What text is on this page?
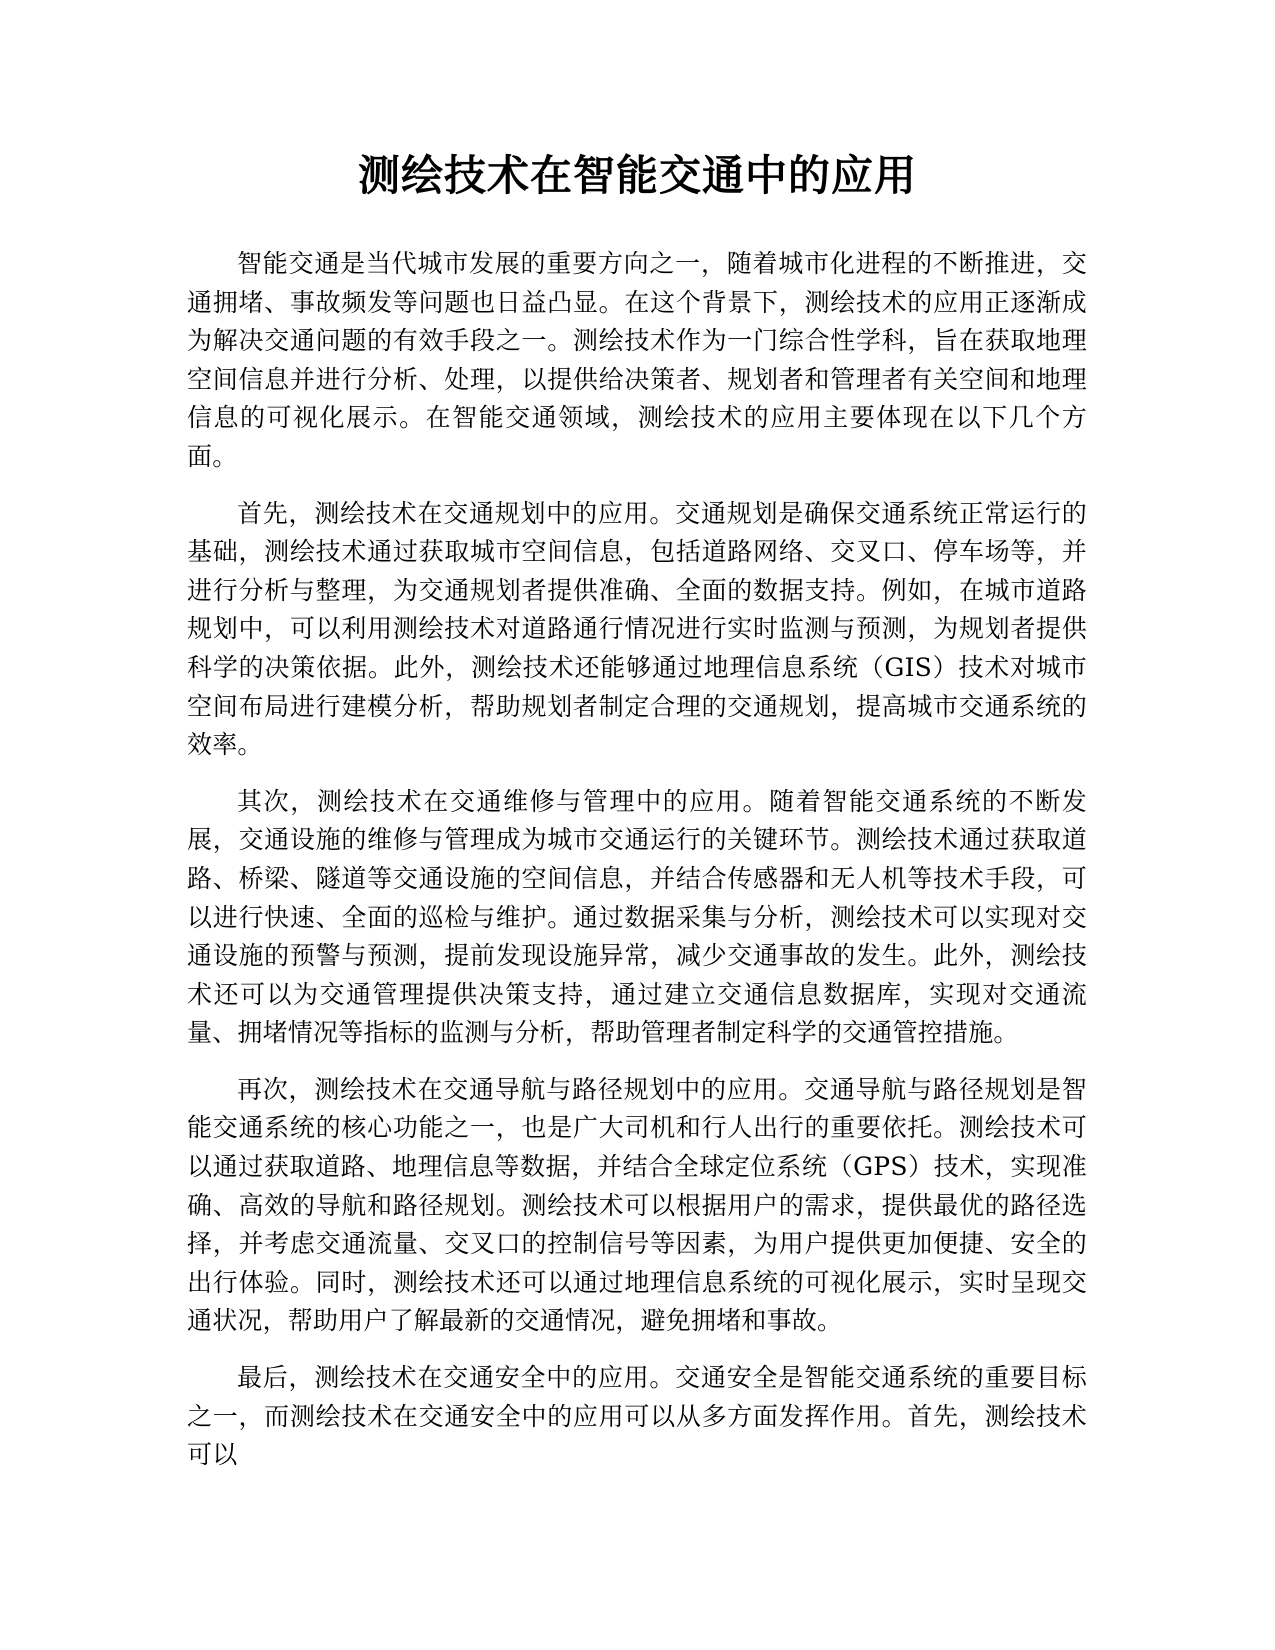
测绘技术在智能交通中的应用

智能交通是当代城市发展的重要方向之一，随着城市化进程的不断推进，交通拥堵、事故频发等问题也日益凸显。在这个背景下，测绘技术的应用正逐渐成为解决交通问题的有效手段之一。测绘技术作为一门综合性学科，旨在获取地理空间信息并进行分析、处理，以提供给决策者、规划者和管理者有关空间和地理信息的可视化展示。在智能交通领域，测绘技术的应用主要体现在以下几个方面。

首先，测绘技术在交通规划中的应用。交通规划是确保交通系统正常运行的基础，测绘技术通过获取城市空间信息，包括道路网络、交叉口、停车场等，并进行分析与整理，为交通规划者提供准确、全面的数据支持。例如，在城市道路规划中，可以利用测绘技术对道路通行情况进行实时监测与预测，为规划者提供科学的决策依据。此外，测绘技术还能够通过地理信息系统（GIS）技术对城市空间布局进行建模分析，帮助规划者制定合理的交通规划，提高城市交通系统的效率。

其次，测绘技术在交通维修与管理中的应用。随着智能交通系统的不断发展，交通设施的维修与管理成为城市交通运行的关键环节。测绘技术通过获取道路、桥梁、隧道等交通设施的空间信息，并结合传感器和无人机等技术手段，可以进行快速、全面的巡检与维护。通过数据采集与分析，测绘技术可以实现对交通设施的预警与预测，提前发现设施异常，减少交通事故的发生。此外，测绘技术还可以为交通管理提供决策支持，通过建立交通信息数据库，实现对交通流量、拥堵情况等指标的监测与分析，帮助管理者制定科学的交通管控措施。

再次，测绘技术在交通导航与路径规划中的应用。交通导航与路径规划是智能交通系统的核心功能之一，也是广大司机和行人出行的重要依托。测绘技术可以通过获取道路、地理信息等数据，并结合全球定位系统（GPS）技术，实现准确、高效的导航和路径规划。测绘技术可以根据用户的需求，提供最优的路径选择，并考虑交通流量、交叉口的控制信号等因素，为用户提供更加便捷、安全的出行体验。同时，测绘技术还可以通过地理信息系统的可视化展示，实时呈现交通状况，帮助用户了解最新的交通情况，避免拥堵和事故。

最后，测绘技术在交通安全中的应用。交通安全是智能交通系统的重要目标之一，而测绘技术在交通安全中的应用可以从多方面发挥作用。首先，测绘技术可以
